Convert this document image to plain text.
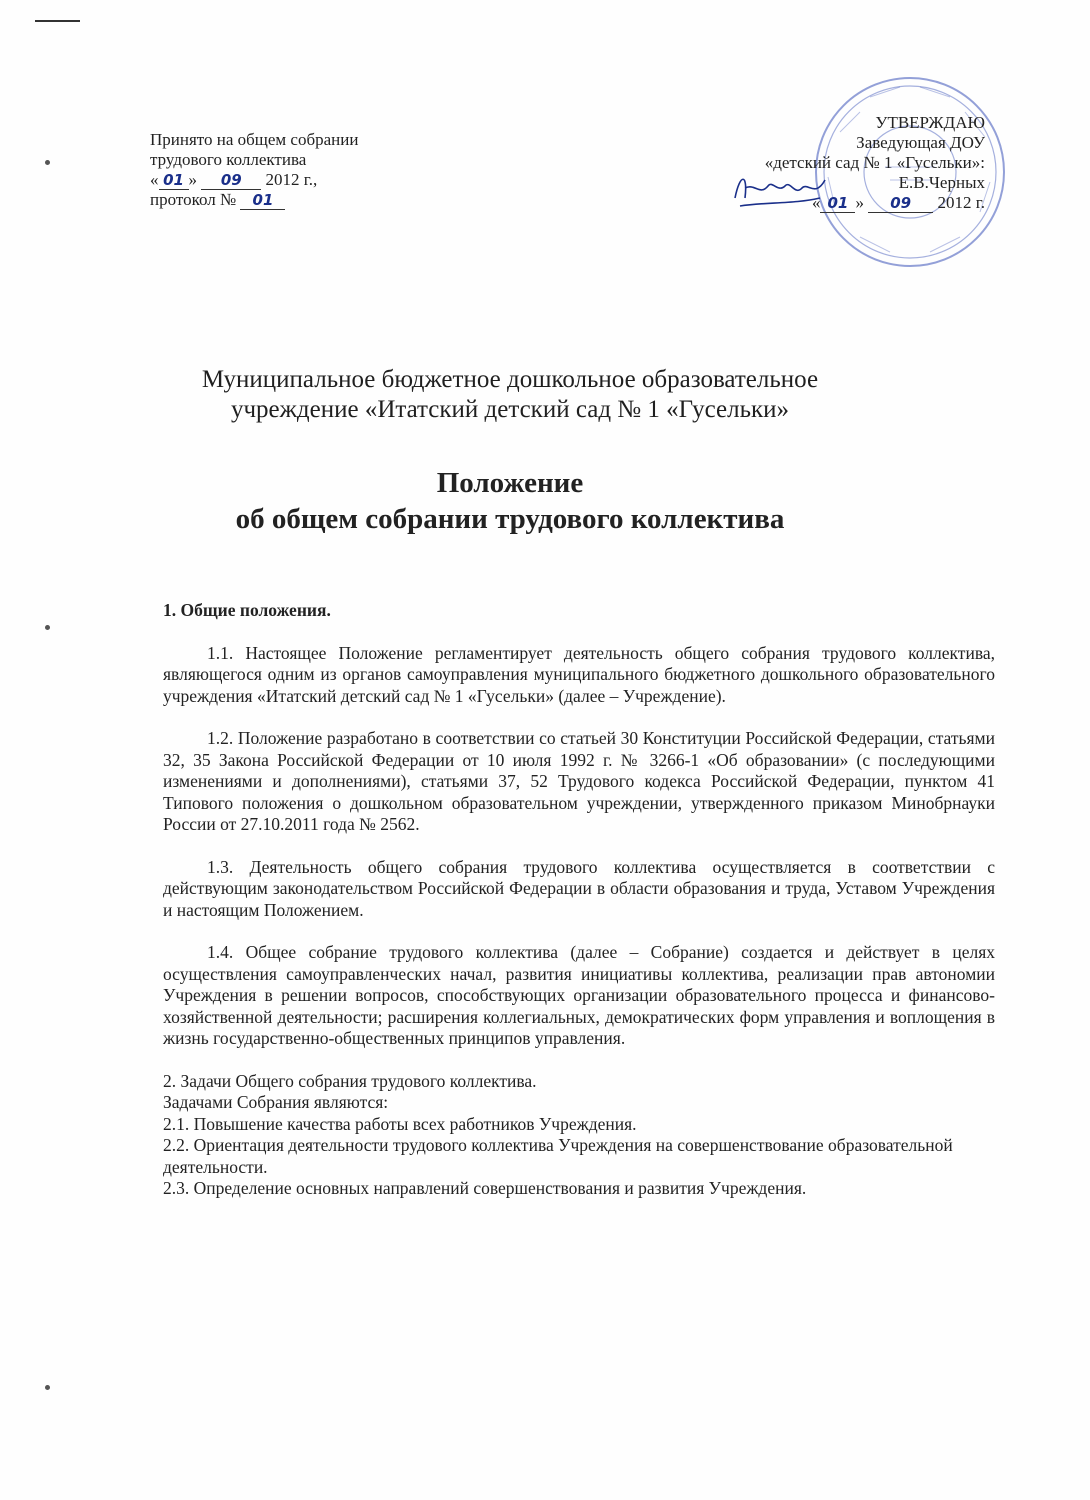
Принято на общем собрании
трудового коллектива
« 01 » 09 2012 г.,
протокол № 01
УТВЕРЖДАЮ
Заведующая ДОУ
«детский сад № 1 «Гусельки»:
Е.В.Черных
« 01 » 09 2012 г.
Муниципальное бюджетное дошкольное образовательное
учреждение «Итатский детский сад № 1 «Гусельки»
Положение
об общем собрании трудового коллектива

1. Общие положения.

1.1. Настоящее Положение регламентирует деятельность общего собрания трудового коллектива, являющегося одним из органов самоуправления муниципального бюджетного дошкольного образовательного учреждения «Итатский детский сад № 1 «Гусельки» (далее – Учреждение).

1.2. Положение разработано в соответствии со статьей 30 Конституции Российской Федерации, статьями 32, 35 Закона Российской Федерации от 10 июля 1992 г. № 3266-1 «Об образовании» (с последующими изменениями и дополнениями), статьями 37, 52 Трудового кодекса Российской Федерации, пунктом 41 Типового положения о дошкольном образовательном учреждении, утвержденного приказом Минобрнауки России от 27.10.2011 года № 2562.

1.3. Деятельность общего собрания трудового коллектива осуществляется в соответствии с действующим законодательством Российской Федерации в области образования и труда, Уставом Учреждения и настоящим Положением.

1.4. Общее собрание трудового коллектива (далее – Собрание) создается и действует в целях осуществления самоуправленческих начал, развития инициативы коллектива, реализации прав автономии Учреждения в решении вопросов, способствующих организации образовательного процесса и финансово-хозяйственной деятельности; расширения коллегиальных, демократических форм управления и воплощения в жизнь государственно-общественных принципов управления.

2. Задачи Общего собрания трудового коллектива.

Задачами Собрания являются:

2.1. Повышение качества работы всех работников Учреждения.

2.2. Ориентация деятельности трудового коллектива Учреждения на совершенствование образовательной деятельности.

2.3. Определение основных направлений совершенствования и развития Учреждения.
